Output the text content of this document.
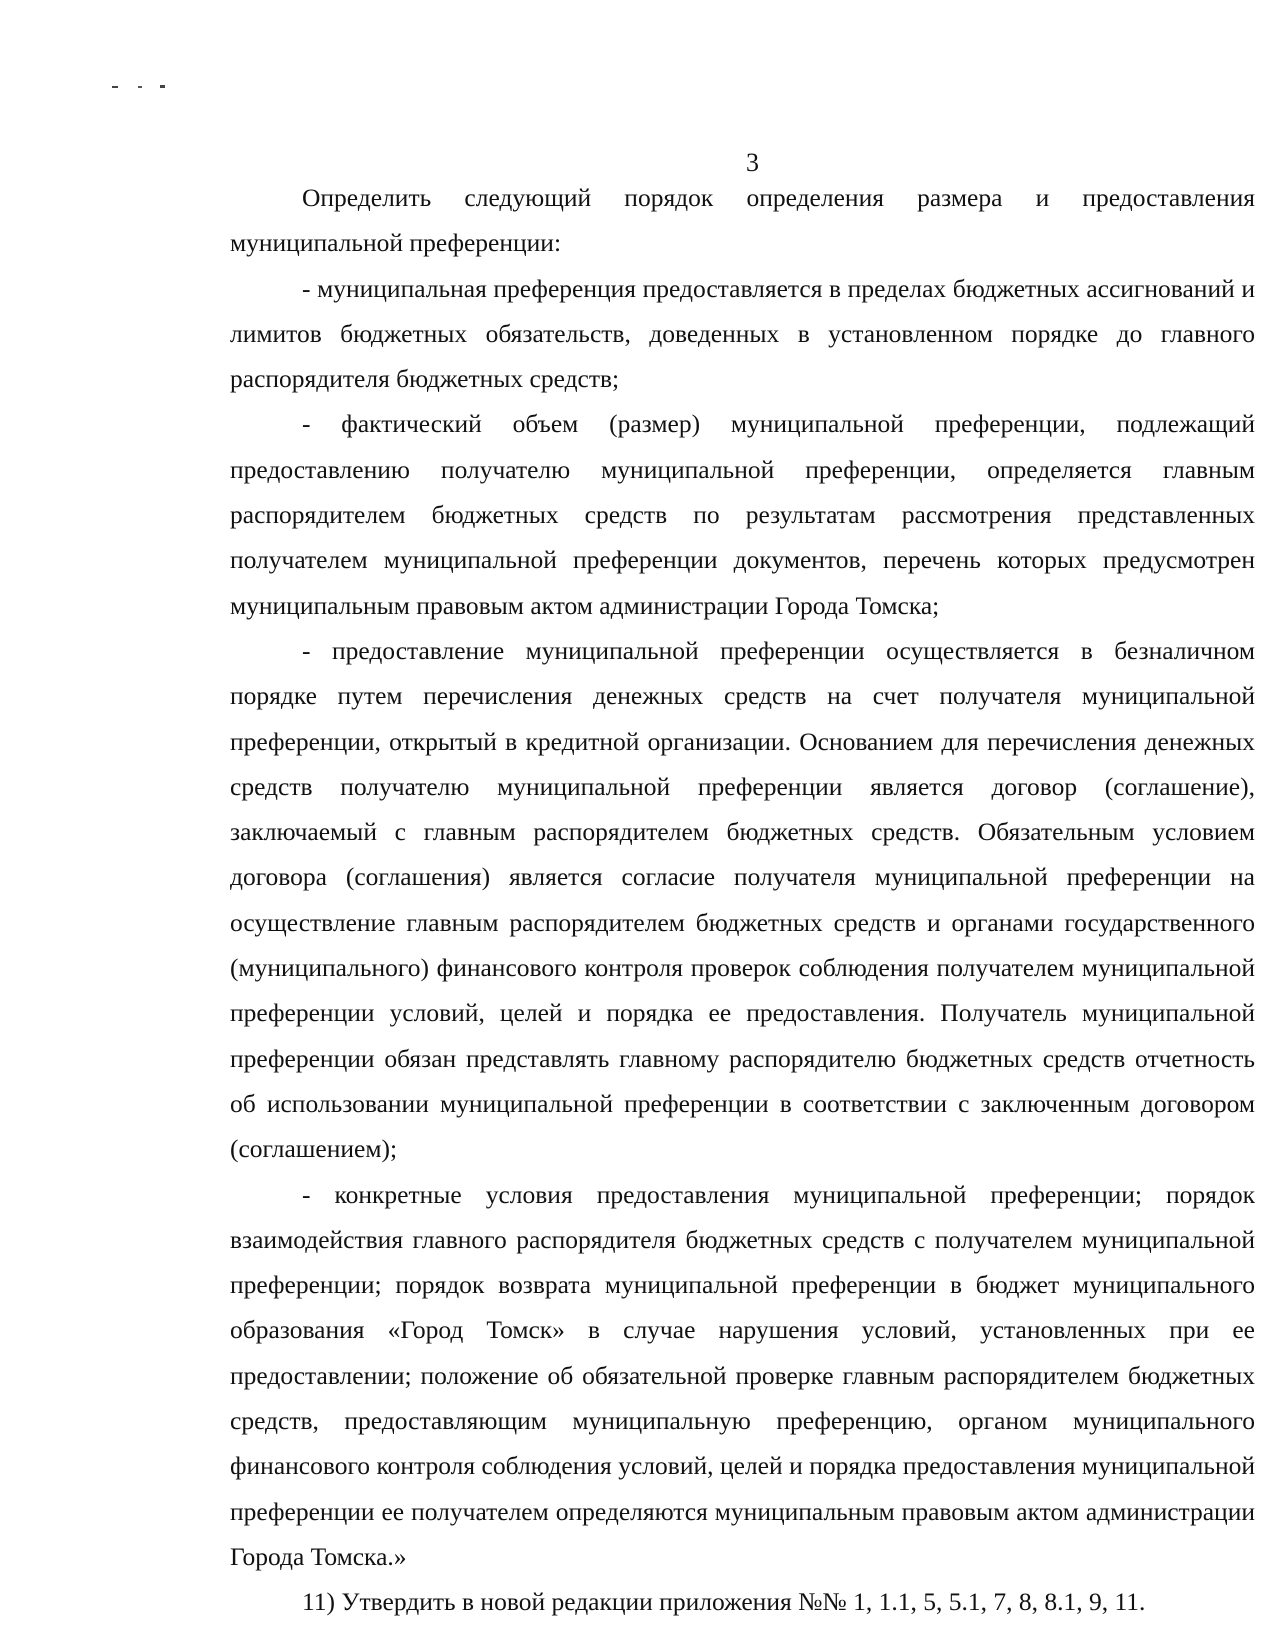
3

Определить следующий порядок определения размера и предоставления муниципальной преференции:

- муниципальная преференция предоставляется в пределах бюджетных ассигнований и лимитов бюджетных обязательств, доведенных в установленном порядке до главного распорядителя бюджетных средств;

- фактический объем (размер) муниципальной преференции, подлежащий предоставлению получателю муниципальной преференции, определяется главным распорядителем бюджетных средств по результатам рассмотрения представленных получателем муниципальной преференции документов, перечень которых предусмотрен муниципальным правовым актом администрации Города Томска;

- предоставление муниципальной преференции осуществляется в безналичном порядке путем перечисления денежных средств на счет получателя муниципальной преференции, открытый в кредитной организации. Основанием для перечисления денежных средств получателю муниципальной преференции является договор (соглашение), заключаемый с главным распорядителем бюджетных средств. Обязательным условием договора (соглашения) является согласие получателя муниципальной преференции на осуществление главным распорядителем бюджетных средств и органами государственного (муниципального) финансового контроля проверок соблюдения получателем муниципальной преференции условий, целей и порядка ее предоставления. Получатель муниципальной преференции обязан представлять главному распорядителю бюджетных средств отчетность об использовании муниципальной преференции в соответствии с заключенным договором (соглашением);

- конкретные условия предоставления муниципальной преференции; порядок взаимодействия главного распорядителя бюджетных средств с получателем муниципальной преференции; порядок возврата муниципальной преференции в бюджет муниципального образования «Город Томск» в случае нарушения условий, установленных при ее предоставлении; положение об обязательной проверке главным распорядителем бюджетных средств, предоставляющим муниципальную преференцию, органом муниципального финансового контроля соблюдения условий, целей и порядка предоставления муниципальной преференции ее получателем определяются муниципальным правовым актом администрации Города Томска.»

11) Утвердить в новой редакции приложения №№ 1, 1.1, 5, 5.1, 7, 8, 8.1, 9, 11.
